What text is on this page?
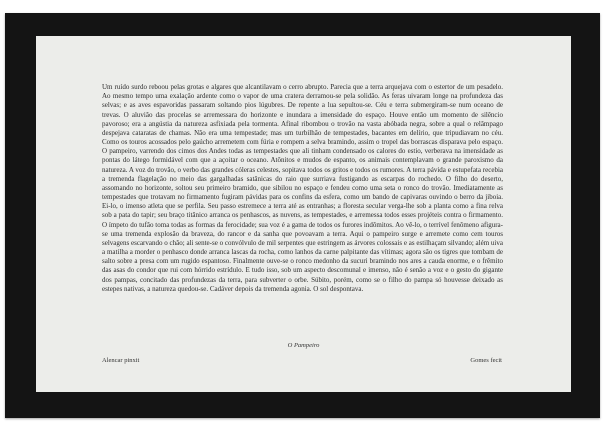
Um ruído surdo reboou pelas grotas e algares que alcantilavam o cerro abrupto. Parecia que a terra arquejava com o estertor de um pesadelo. Ao mesmo tempo uma exalação ardente como o vapor de uma cratera derramou-se pela solidão. As feras uivaram longe na profundeza das selvas; e as aves espavoridas passaram soltando pios lúgubres. De repente a lua sepultou-se. Céu e terra submergiram-se num oceano de trevas. O aluvião das procelas se arremessara do horizonte e inundara a imensidade do espaço. Houve então um momento de silêncio pavoroso; era a angústia da natureza asfixiada pela tormenta. Afinal ribombou o trovão na vasta abóbada negra, sobre a qual o relâmpago despejava cataratas de chamas. Não era uma tempestade; mas um turbilhão de tempestades, bacantes em delírio, que tripudiavam no céu. Como os touros acossados pelo gaúcho arremetem com fúria e rompem a selva bramindo, assim o tropel das borrascas disparava pelo espaço. O pampeiro, varrendo dos cimos dos Andes todas as tempestades que ali tinham condensado os calores do estio, verberava na imensidade as pontas do látego formidável com que a açoitar o oceano. Atônitos e mudos de espanto, os animais contemplavam o grande paroxismo da natureza. A voz do trovão, o verbo das grandes cóleras celestes, sopitava todos os gritos e todos os rumores. A terra pávida e estupefata recebia a tremenda flagelação no meio das gargalhadas satânicas do raio que surriava fustigando as escarpas do rochedo. O filho do deserto, assomando no horizonte, soltou seu primeiro bramido, que sibilou no espaço e fendeu como uma seta o ronco do trovão. Imediatamente as tempestades que trotavam no firmamento fugiram pávidas para os confins da esfera, como um bando de capivaras ouvindo o berro da jiboia. Ei-lo, o imenso atleta que se perfila. Seu passo estremece a terra até as entranhas; a floresta secular verga-lhe sob a planta como a fina relva sob a pata do tapir; seu braço titânico arranca os penhascos, as nuvens, as tempestades, e arremessa todos esses projéteis contra o firmamento. O ímpeto do tufão toma todas as formas da ferocidade; sua voz é a gama de todos os furores indômitos. Ao vê-lo, o terrível fenômeno afigura-se uma tremenda explosão da braveza, do rancor e da sanha que povoavam a terra. Aqui o pampeiro surge e arremete como cem touros selvagens escarvando o chão; ali sente-se o convólvulo de mil serpentes que estringem as árvores colossais e as estilhaçam silvando; além uiva a matilha a morder o penhasco donde arranca lascas da rocha, como lanhos da carne palpitante das vítimas; agora são os tigres que tombam de salto sobre a presa com um rugido espantoso. Finalmente ouve-se o ronco medonho da sucuri bramindo nos ares a cauda enorme, e o frêmito das asas do condor que rui com hórrido estrídulo. E tudo isso, sob um aspecto descomunal e imenso, não é senão a voz e o gesto do gigante dos pampas, concitado das profundezas da terra, para subverter o orbe. Súbito, porém, como se o filho do pampa só houvesse deixado as estepes nativas, a natureza quedou-se. Cadáver depois da tremenda agonia. O sol despontava.

O Pampeiro
Alencar pinxit	Gomes fecit
